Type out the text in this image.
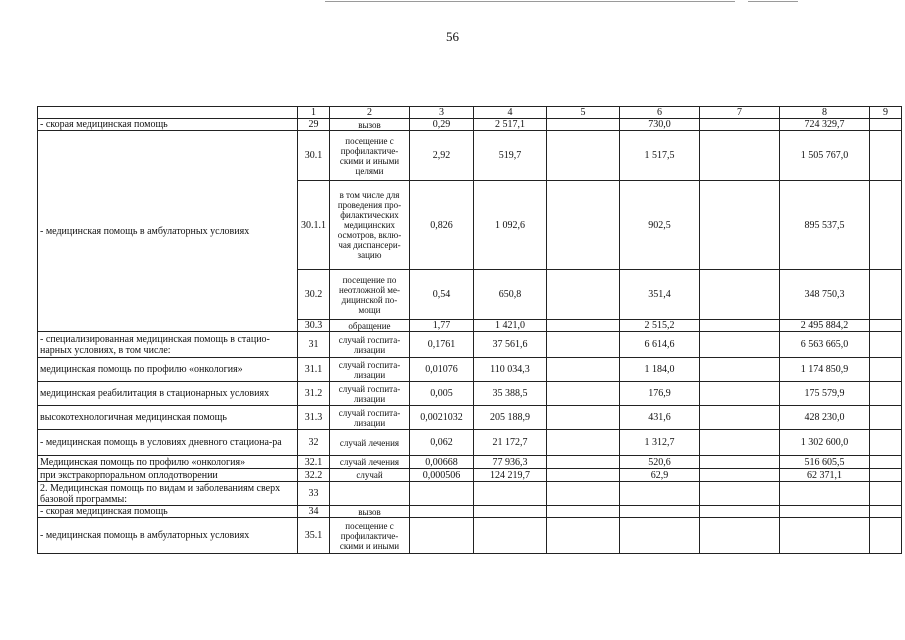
56
	1	2	3	4	5	6	7	8	9
- скорая медицинская помощь	29	вызов	0,29	2 517,1		730,0		724 329,7	
- медицинская помощь в амбулаторных условиях	30.1	посещение с профилактиче-скими и иными целями	2,92	519,7		1 517,5		1 505 767,0	
	30.1.1	в том числе для проведения про-филактических медицинских осмотров, вклю-чая диспансери-зацию	0,826	1 092,6		902,5		895 537,5	
	30.2	посещение по неотложной ме-дицинской по-мощи	0,54	650,8		351,4		348 750,3	
	30.3	обращение	1,77	1 421,0		2 515,2		2 495 884,2	
- специализированная медицинская помощь в стацио-нарных условиях, в том числе:	31	случай госпита-лизации	0,1761	37 561,6		6 614,6		6 563 665,0	
медицинская помощь по профилю «онкология»	31.1	случай госпита-лизации	0,01076	110 034,3		1 184,0		1 174 850,9	
медицинская реабилитация в стационарных условиях	31.2	случай госпита-лизации	0,005	35 388,5		176,9		175 579,9	
высокотехнологичная медицинская помощь	31.3	случай госпита-лизации	0,0021032	205 188,9		431,6		428 230,0	
- медицинская помощь в условиях дневного стациона-ра	32	случай лечения	0,062	21 172,7		1 312,7		1 302 600,0	
Медицинская помощь по профилю «онкология»	32.1	случай лечения	0,00668	77 936,3		520,6		516 605,5	
при экстракорпоральном оплодотворении	32.2	случай	0,000506	124 219,7		62,9		62 371,1	
2. Медицинская помощь по видам и заболеваниям сверх базовой программы:	33								
- скорая медицинская помощь	34	вызов							
- медицинская помощь в амбулаторных условиях	35.1	посещение с профилактиче-скими и иными							
